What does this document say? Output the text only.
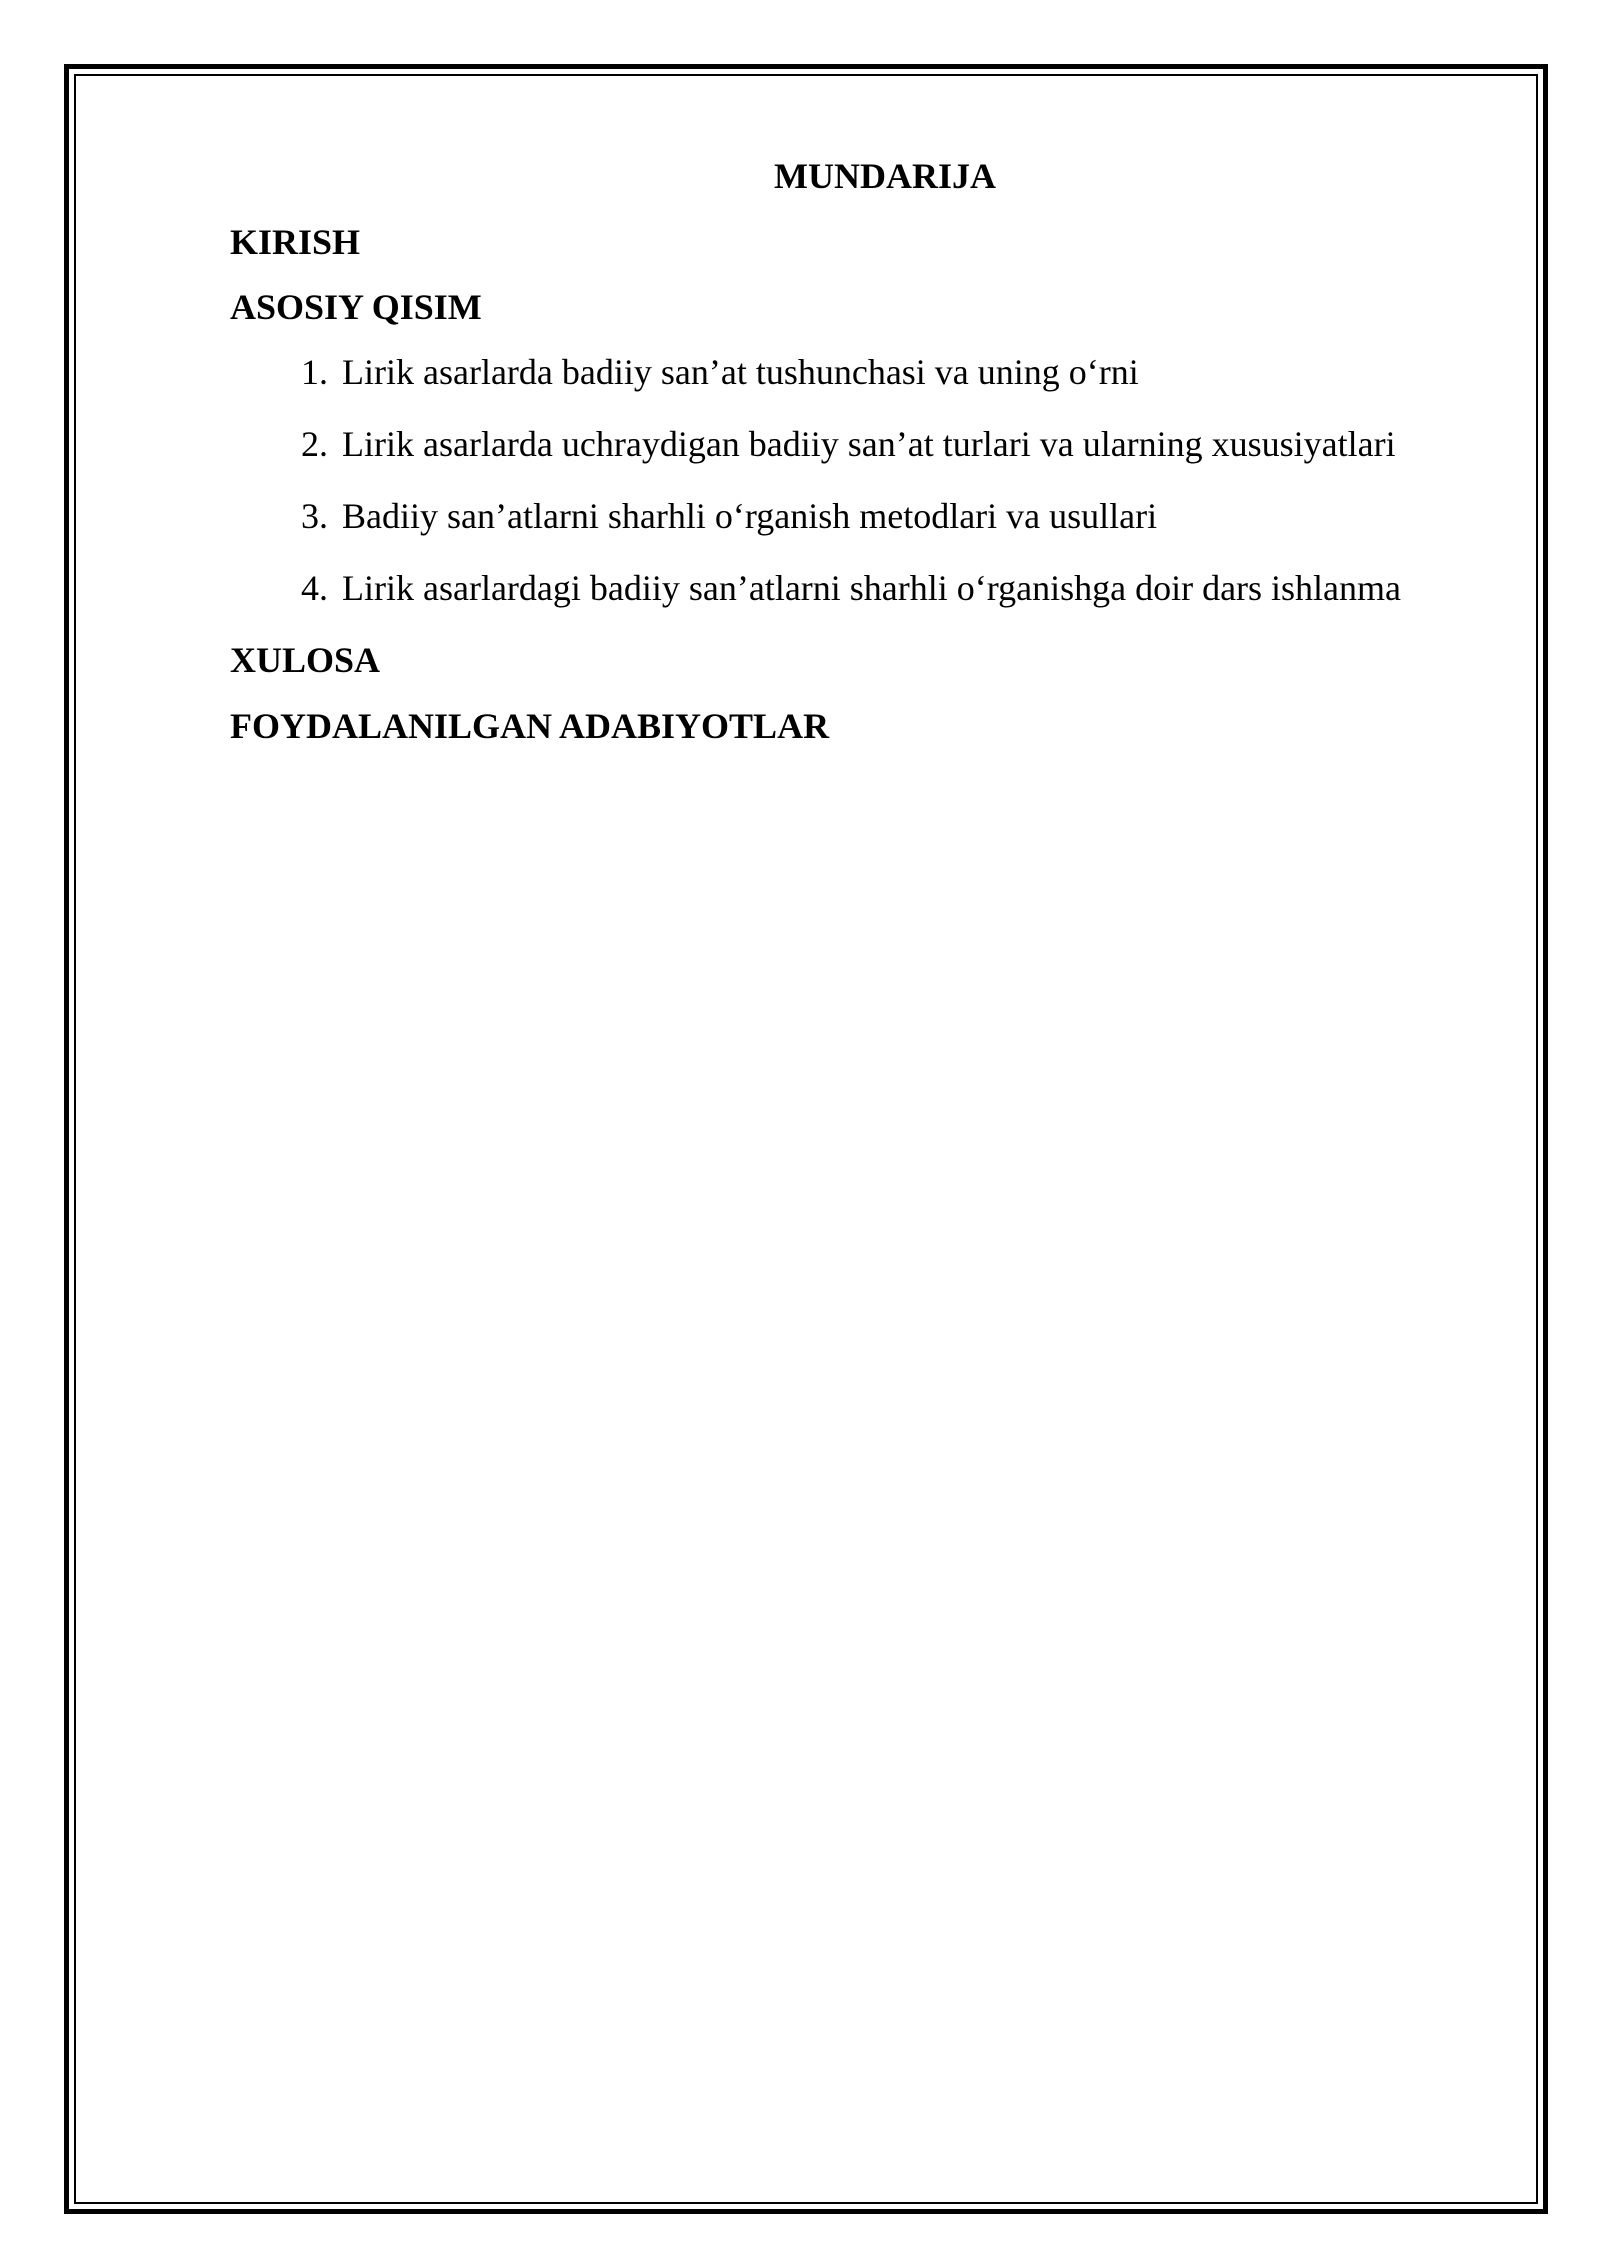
MUNDARIJA
KIRISH
ASOSIY QISIM
1. Lirik asarlarda badiiy san’at tushunchasi va uning o‘rni
2. Lirik asarlarda uchraydigan badiiy san’at turlari va ularning xususiyatlari
3. Badiiy san’atlarni sharhli o‘rganish metodlari va usullari
4. Lirik asarlardagi badiiy san’atlarni sharhli o‘rganishga doir dars ishlanma
XULOSA
FOYDALANILGAN ADABIYOTLAR
